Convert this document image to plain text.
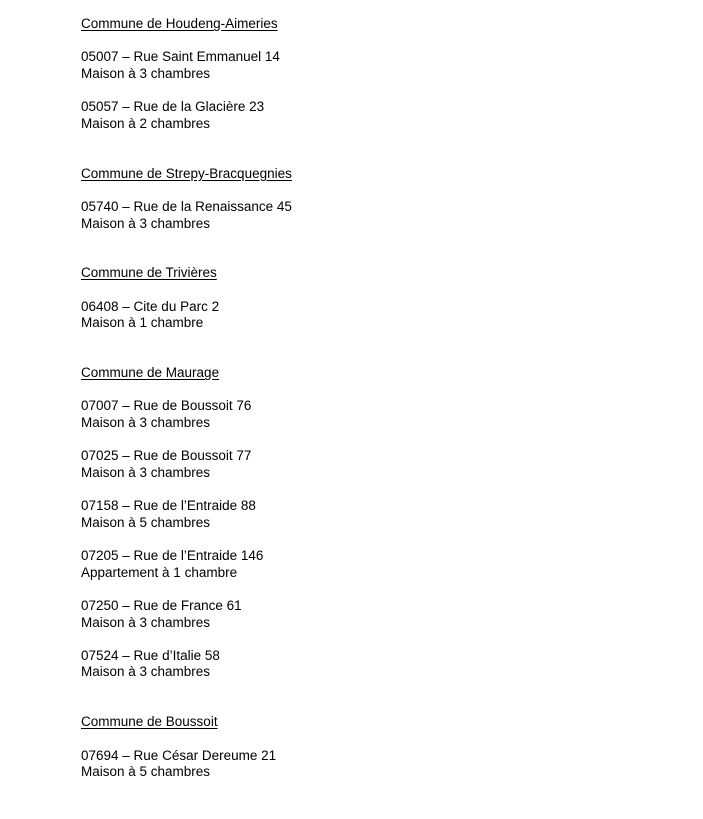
Commune de Houdeng-Aimeries
05007 – Rue Saint Emmanuel 14
Maison à 3 chambres
05057 – Rue de la Glacière 23
Maison à 2 chambres
Commune de Strepy-Bracquegnies
05740 – Rue de la Renaissance 45
Maison à 3 chambres
Commune de Trivières
06408 – Cite du Parc 2
Maison à 1 chambre
Commune de Maurage
07007 – Rue de Boussoit 76
Maison à 3 chambres
07025 – Rue de Boussoit 77
Maison à 3 chambres
07158 – Rue de l’Entraide 88
Maison à 5 chambres
07205 – Rue de l’Entraide 146
Appartement à 1 chambre
07250 – Rue de France 61
Maison à 3 chambres
07524 – Rue d’Italie 58
Maison à 3 chambres
Commune de Boussoit
07694 – Rue César Dereume 21
Maison à 5 chambres
